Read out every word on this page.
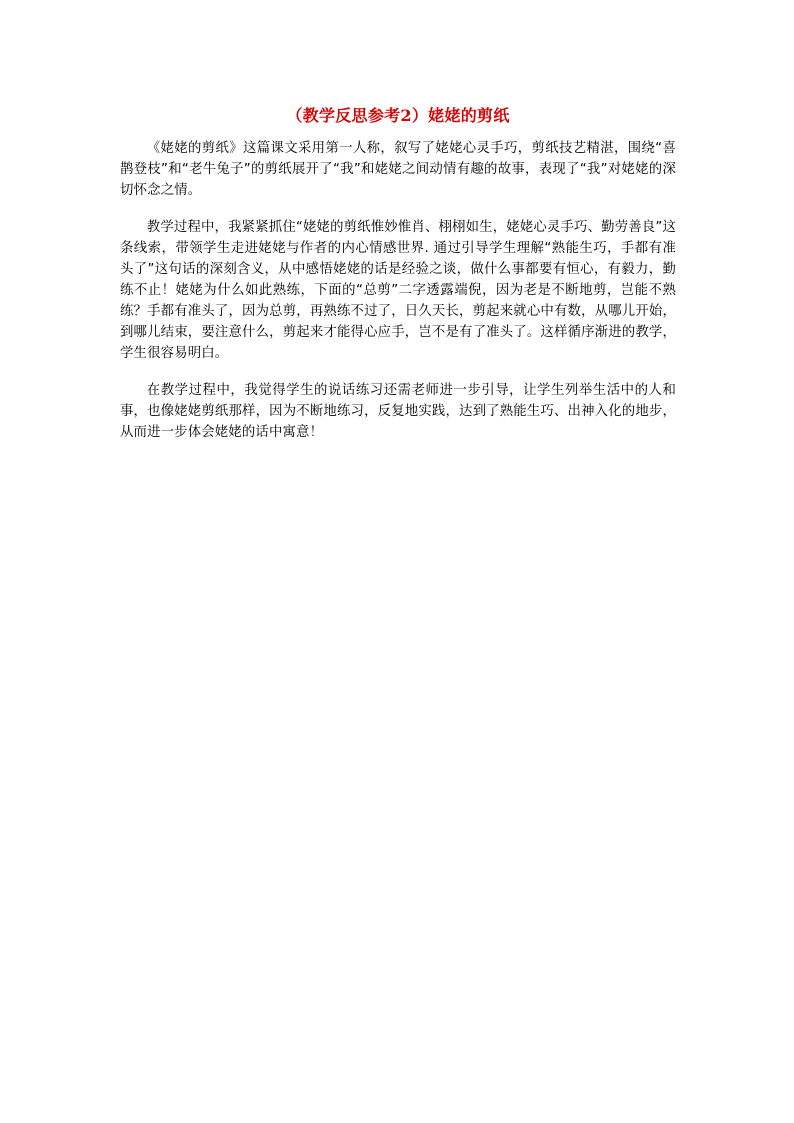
（教学反思参考2）姥姥的剪纸

《姥姥的剪纸》这篇课文采用第一人称，叙写了姥姥心灵手巧，剪纸技艺精湛，围绕“喜鹊登枝”和“老牛兔子”的剪纸展开了“我”和姥姥之间动情有趣的故事，表现了“我”对姥姥的深切怀念之情。

教学过程中，我紧紧抓住“姥姥的剪纸惟妙惟肖、栩栩如生，姥姥心灵手巧、勤劳善良”这条线索，带领学生走进姥姥与作者的内心情感世界. 通过引导学生理解“熟能生巧，手都有准头了”这句话的深刻含义，从中感悟姥姥的话是经验之谈，做什么事都要有恒心，有毅力，勤练不止！姥姥为什么如此熟练，下面的“总剪”二字透露端倪，因为老是不断地剪，岂能不熟练？手都有准头了，因为总剪，再熟练不过了，日久天长，剪起来就心中有数，从哪儿开始，到哪儿结束，要注意什么，剪起来才能得心应手，岂不是有了准头了。这样循序渐进的教学，学生很容易明白。

在教学过程中，我觉得学生的说话练习还需老师进一步引导，让学生列举生活中的人和事，也像姥姥剪纸那样，因为不断地练习，反复地实践，达到了熟能生巧、出神入化的地步，从而进一步体会姥姥的话中寓意！
